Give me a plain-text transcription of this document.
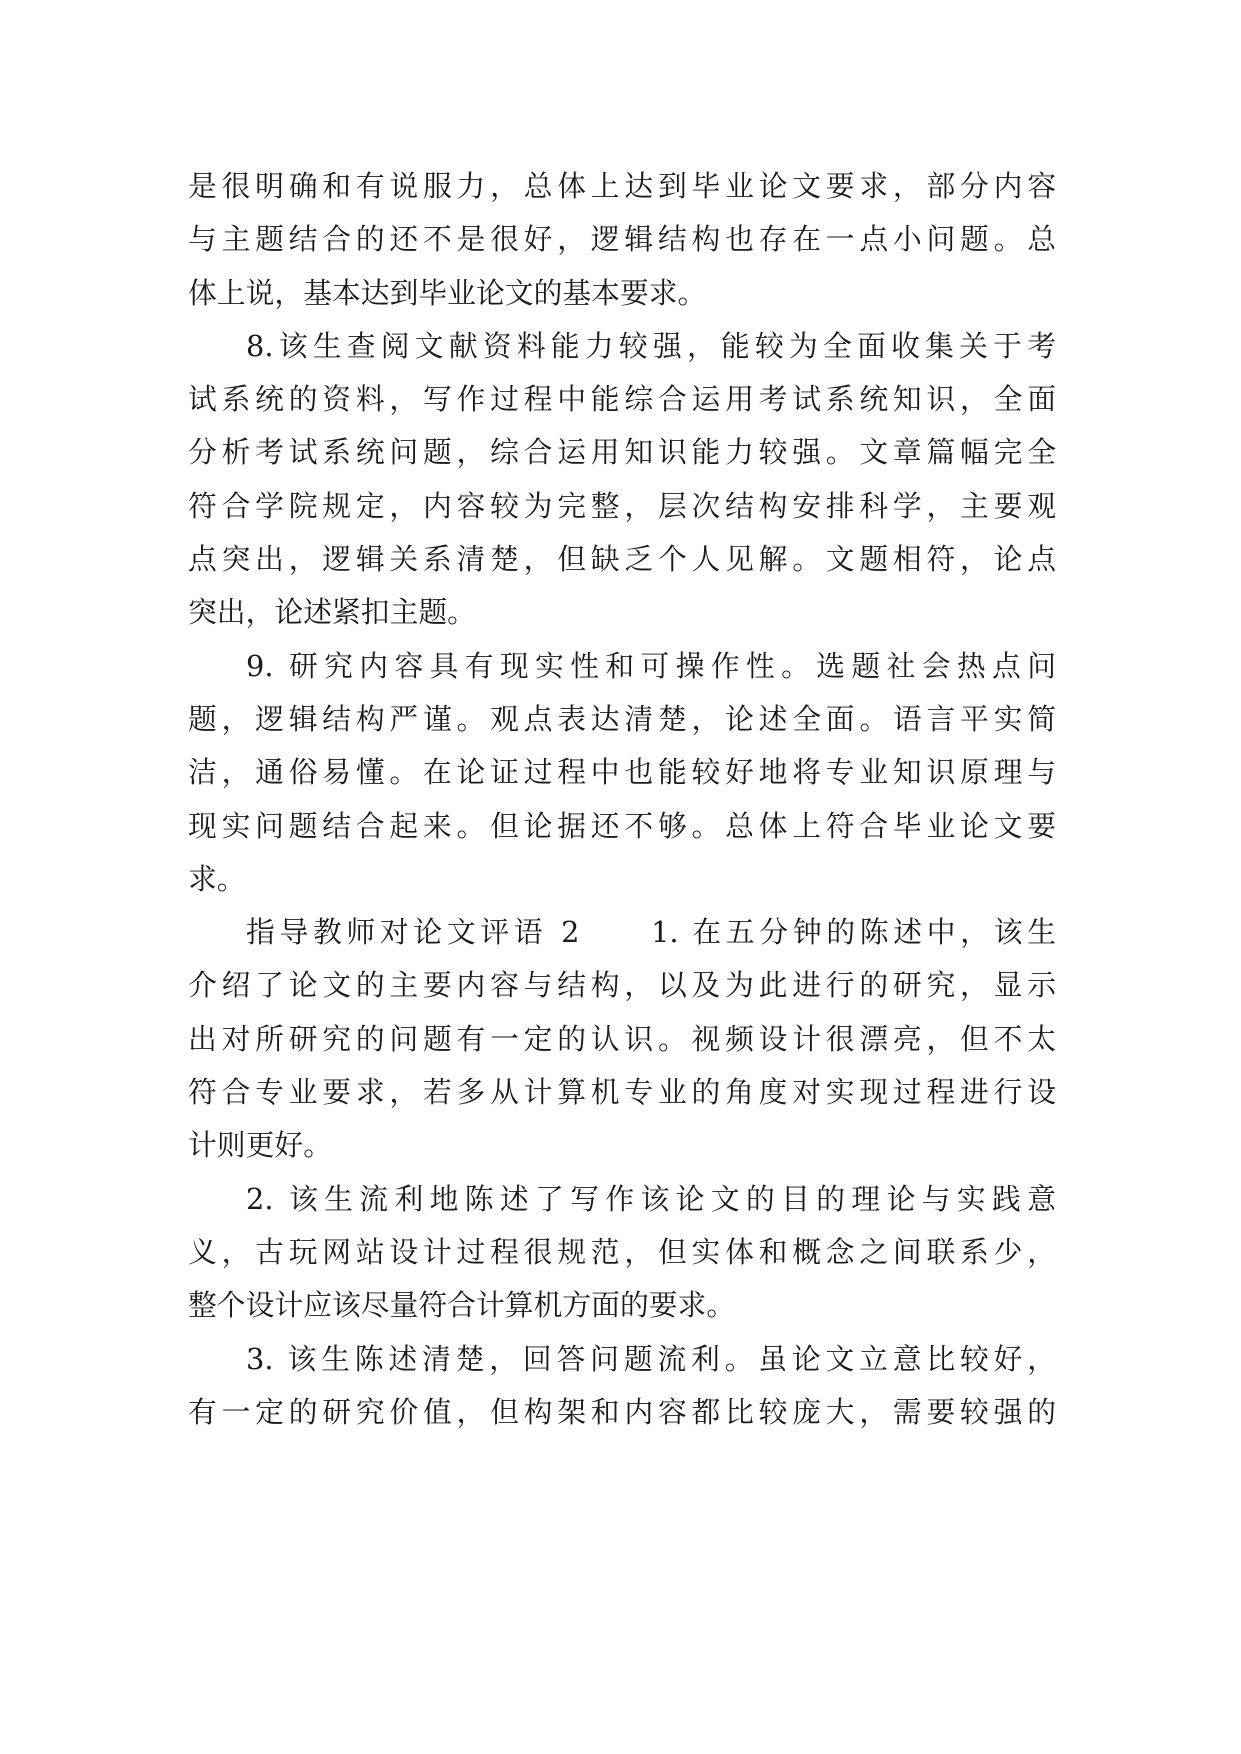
是很明确和有说服力，总体上达到毕业论文要求，部分内容
与主题结合的还不是很好，逻辑结构也存在一点小问题。总
体上说，基本达到毕业论文的基本要求。
8.该生查阅文献资料能力较强，能较为全面收集关于考
试系统的资料，写作过程中能综合运用考试系统知识，全面
分析考试系统问题，综合运用知识能力较强。文章篇幅完全
符合学院规定，内容较为完整，层次结构安排科学，主要观
点突出，逻辑关系清楚，但缺乏个人见解。文题相符，论点
突出，论述紧扣主题。
9. 研究内容具有现实性和可操作性。选题社会热点问
题，逻辑结构严谨。观点表达清楚，论述全面。语言平实简
洁，通俗易懂。在论证过程中也能较好地将专业知识原理与
现实问题结合起来。但论据还不够。总体上符合毕业论文要
求。
指导教师对论文评语 2　　1. 在五分钟的陈述中，该生
介绍了论文的主要内容与结构，以及为此进行的研究，显示
出对所研究的问题有一定的认识。视频设计很漂亮，但不太
符合专业要求，若多从计算机专业的角度对实现过程进行设
计则更好。
2. 该生流利地陈述了写作该论文的目的理论与实践意
义，古玩网站设计过程很规范，但实体和概念之间联系少，
整个设计应该尽量符合计算机方面的要求。
3. 该生陈述清楚，回答问题流利。虽论文立意比较好，
有一定的研究价值，但构架和内容都比较庞大，需要较强的
